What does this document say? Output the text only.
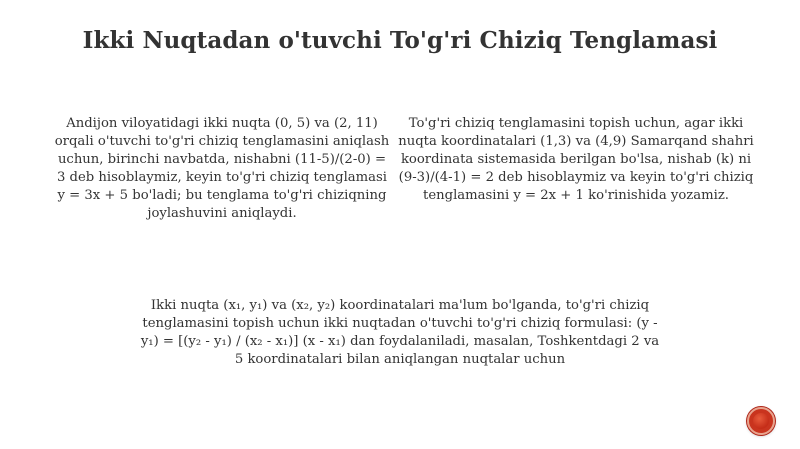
Ikki Nuqtadan o'tuvchi To'g'ri Chiziq Tenglamasi

Andijon viloyatidagi ikki nuqta (0, 5) va (2, 11) orqali o'tuvchi to'g'ri chiziq tenglamasini aniqlash uchun, birinchi navbatda, nishabni (11-5)/(2-0) = 3 deb hisoblaymiz, keyin to'g'ri chiziq tenglamasi y = 3x + 5 bo'ladi; bu tenglama to'g'ri chiziqning joylashuvini aniqlaydi.

To'g'ri chiziq tenglamasini topish uchun, agar ikki nuqta koordinatalari (1,3) va (4,9) Samarqand shahri koordinata sistemasida berilgan bo'lsa, nishab (k) ni (9-3)/(4-1) = 2 deb hisoblaymiz va keyin to'g'ri chiziq tenglamasini y = 2x + 1 ko'rinishida yozamiz.

Ikki nuqta (x₁, y₁) va (x₂, y₂) koordinatalari ma'lum bo'lganda, to'g'ri chiziq tenglamasini topish uchun ikki nuqtadan o'tuvchi to'g'ri chiziq formulasi: (y - y₁) = [(y₂ - y₁) / (x₂ - x₁)] (x - x₁) dan foydalaniladi, masalan, Toshkentdagi 2 va 5 koordinatalari bilan aniqlangan nuqtalar uchun
